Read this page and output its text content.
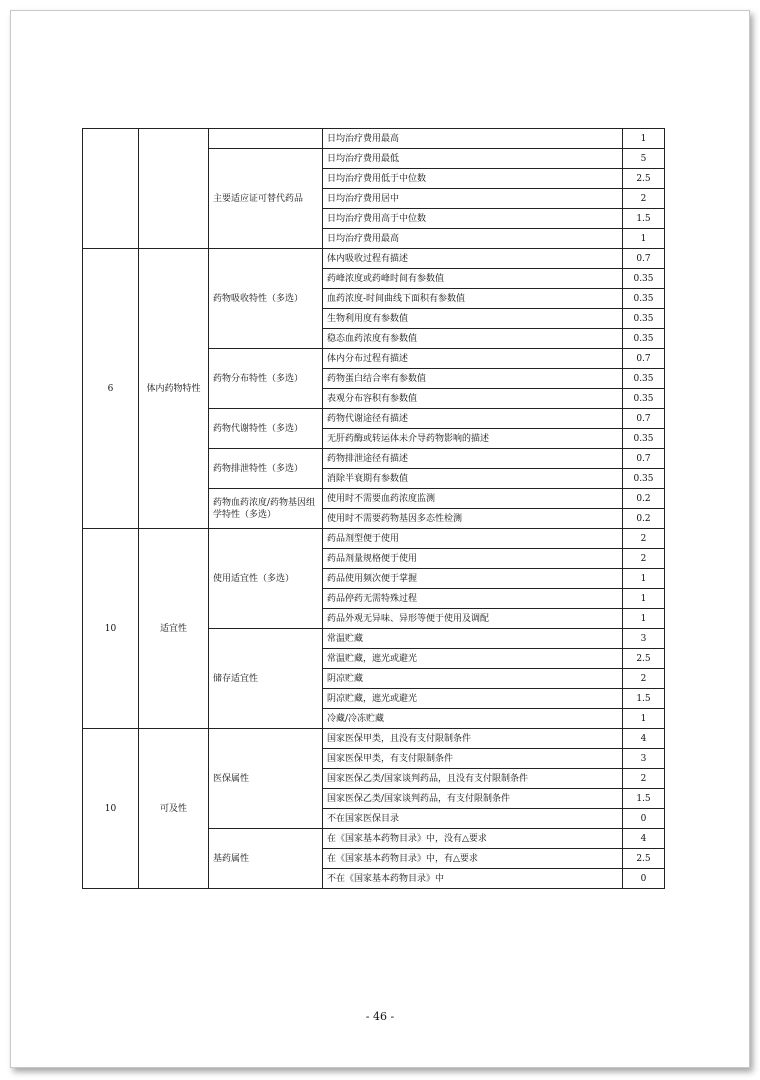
			日均治疗费用最高	1
		主要适应证可替代药品	日均治疗费用最低	5
			日均治疗费用低于中位数	2.5
			日均治疗费用居中	2
			日均治疗费用高于中位数	1.5
			日均治疗费用最高	1
6	体内药物特性	药物吸收特性（多选）	体内吸收过程有描述	0.7
			药峰浓度或药峰时间有参数值	0.35
			血药浓度-时间曲线下面积有参数值	0.35
			生物利用度有参数值	0.35
			稳态血药浓度有参数值	0.35
		药物分布特性（多选）	体内分布过程有描述	0.7
			药物蛋白结合率有参数值	0.35
			表观分布容积有参数值	0.35
		药物代谢特性（多选）	药物代谢途径有描述	0.7
			无肝药酶或转运体未介导药物影响的描述	0.35
		药物排泄特性（多选）	药物排泄途径有描述	0.7
			消除半衰期有参数值	0.35
		药物血药浓度/药物基因组学特性（多选）	使用时不需要血药浓度监测	0.2
			使用时不需要药物基因多态性检测	0.2
10	适宜性	使用适宜性（多选）	药品剂型便于使用	2
			药品剂量规格便于使用	2
			药品使用频次便于掌握	1
			药品停药无需特殊过程	1
			药品外观无异味、异形等便于使用及调配	1
		储存适宜性	常温贮藏	3
			常温贮藏，遮光或避光	2.5
			阴凉贮藏	2
			阴凉贮藏，遮光或避光	1.5
			冷藏/冷冻贮藏	1
10	可及性	医保属性	国家医保甲类，且没有支付限制条件	4
			国家医保甲类，有支付限制条件	3
			国家医保乙类/国家谈判药品，且没有支付限制条件	2
			国家医保乙类/国家谈判药品，有支付限制条件	1.5
			不在国家医保目录	0
		基药属性	在《国家基本药物目录》中，没有△要求	4
			在《国家基本药物目录》中，有△要求	2.5
			不在《国家基本药物目录》中	0
- 46 -
